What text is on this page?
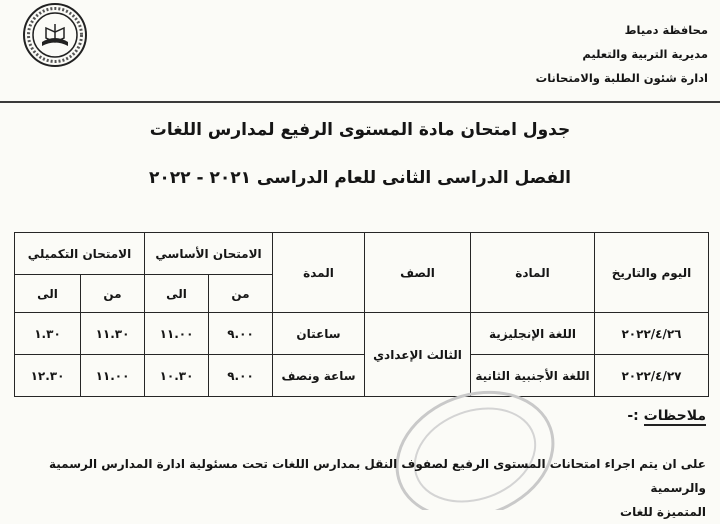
محافظة دمياط
مديرية التربية والتعليم
ادارة شئون الطلبة والامتحانات
جدول امتحان مادة المستوى الرفيع لمدارس اللغات
الفصل الدراسى الثانى للعام الدراسى ٢٠٢١ - ٢٠٢٢
اليوم والتاريخ	المادة	الصف	المدة	الامتحان الأساسي		الامتحان التكميلي	
				من	الى	من	الى
٢٠٢٢/٤/٢٦	اللغة الإنجليزية	الثالث الإعدادي	ساعتان	٩.٠٠	١١.٠٠	١١.٣٠	١.٣٠
٢٠٢٢/٤/٢٧	اللغة الأجنبية الثانية		ساعة ونصف	٩.٠٠	١٠.٣٠	١١.٠٠	١٢.٣٠
ملاحظات :-
على ان يتم اجراء امتحانات المستوى الرفيع لصفوف النقل بمدارس اللغات تحت مسئولية ادارة المدارس الرسمية والرسمية
المتميزة للغات
